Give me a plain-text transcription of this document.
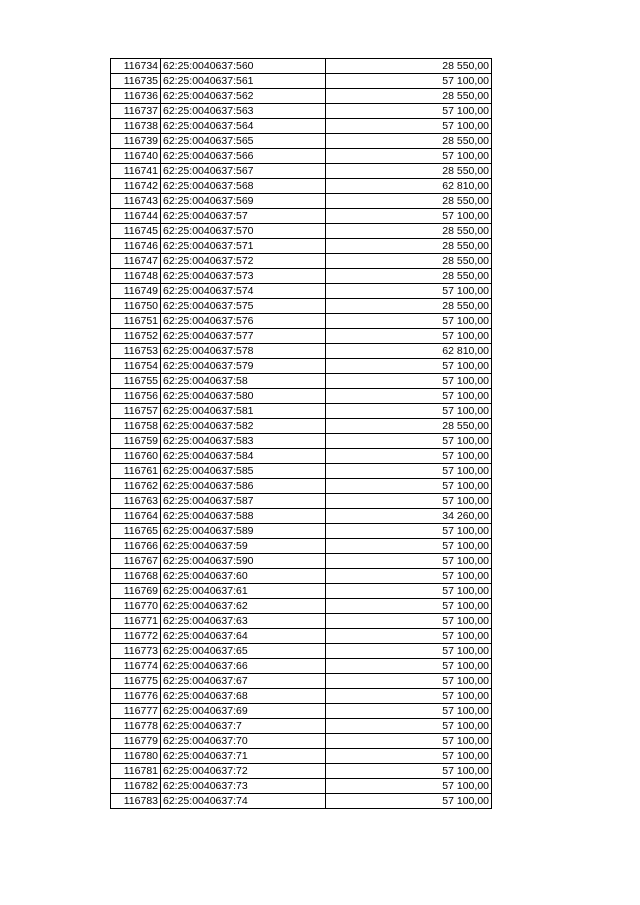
116734	62:25:0040637:560	28 550,00
116735	62:25:0040637:561	57 100,00
116736	62:25:0040637:562	28 550,00
116737	62:25:0040637:563	57 100,00
116738	62:25:0040637:564	57 100,00
116739	62:25:0040637:565	28 550,00
116740	62:25:0040637:566	57 100,00
116741	62:25:0040637:567	28 550,00
116742	62:25:0040637:568	62 810,00
116743	62:25:0040637:569	28 550,00
116744	62:25:0040637:57	57 100,00
116745	62:25:0040637:570	28 550,00
116746	62:25:0040637:571	28 550,00
116747	62:25:0040637:572	28 550,00
116748	62:25:0040637:573	28 550,00
116749	62:25:0040637:574	57 100,00
116750	62:25:0040637:575	28 550,00
116751	62:25:0040637:576	57 100,00
116752	62:25:0040637:577	57 100,00
116753	62:25:0040637:578	62 810,00
116754	62:25:0040637:579	57 100,00
116755	62:25:0040637:58	57 100,00
116756	62:25:0040637:580	57 100,00
116757	62:25:0040637:581	57 100,00
116758	62:25:0040637:582	28 550,00
116759	62:25:0040637:583	57 100,00
116760	62:25:0040637:584	57 100,00
116761	62:25:0040637:585	57 100,00
116762	62:25:0040637:586	57 100,00
116763	62:25:0040637:587	57 100,00
116764	62:25:0040637:588	34 260,00
116765	62:25:0040637:589	57 100,00
116766	62:25:0040637:59	57 100,00
116767	62:25:0040637:590	57 100,00
116768	62:25:0040637:60	57 100,00
116769	62:25:0040637:61	57 100,00
116770	62:25:0040637:62	57 100,00
116771	62:25:0040637:63	57 100,00
116772	62:25:0040637:64	57 100,00
116773	62:25:0040637:65	57 100,00
116774	62:25:0040637:66	57 100,00
116775	62:25:0040637:67	57 100,00
116776	62:25:0040637:68	57 100,00
116777	62:25:0040637:69	57 100,00
116778	62:25:0040637:7	57 100,00
116779	62:25:0040637:70	57 100,00
116780	62:25:0040637:71	57 100,00
116781	62:25:0040637:72	57 100,00
116782	62:25:0040637:73	57 100,00
116783	62:25:0040637:74	57 100,00
